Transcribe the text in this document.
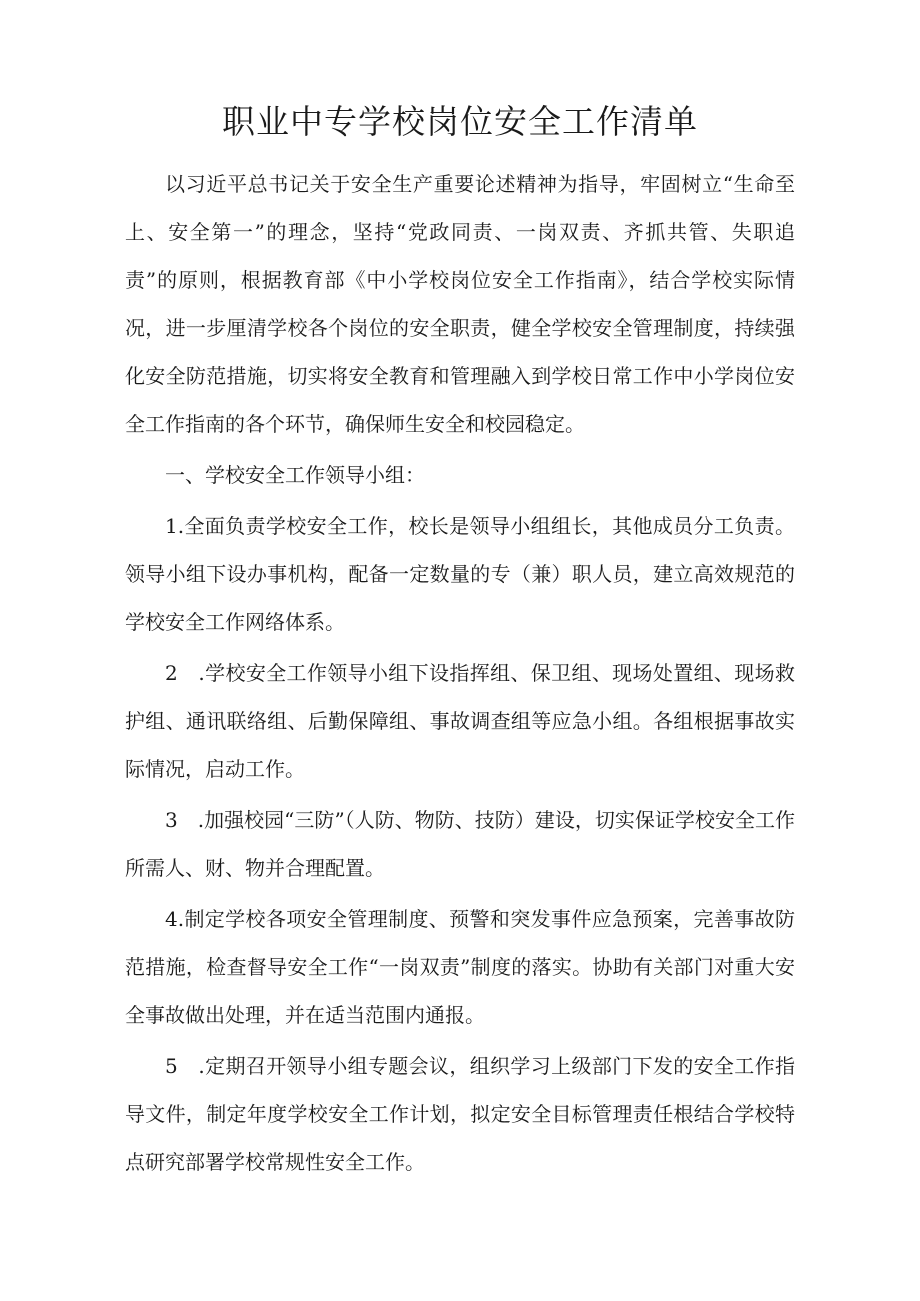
职业中专学校岗位安全工作清单

以习近平总书记关于安全生产重要论述精神为指导，牢固树立“生命至上、安全第一”的理念，坚持“党政同责、一岗双责、齐抓共管、失职追责”的原则，根据教育部《中小学校岗位安全工作指南》，结合学校实际情况，进一步厘清学校各个岗位的安全职责，健全学校安全管理制度，持续强化安全防范措施，切实将安全教育和管理融入到学校日常工作中小学岗位安全工作指南的各个环节，确保师生安全和校园稳定。

一、学校安全工作领导小组：

1.全面负责学校安全工作，校长是领导小组组长，其他成员分工负责。领导小组下设办事机构，配备一定数量的专（兼）职人员，建立高效规范的学校安全工作网络体系。

2　.学校安全工作领导小组下设指挥组、保卫组、现场处置组、现场救护组、通讯联络组、后勤保障组、事故调查组等应急小组。各组根据事故实际情况，启动工作。

3　.加强校园“三防”（人防、物防、技防）建设，切实保证学校安全工作所需人、财、物并合理配置。

4.制定学校各项安全管理制度、预警和突发事件应急预案，完善事故防范措施，检查督导安全工作“一岗双责”制度的落实。协助有关部门对重大安全事故做出处理，并在适当范围内通报。

5　.定期召开领导小组专题会议，组织学习上级部门下发的安全工作指导文件，制定年度学校安全工作计划，拟定安全目标管理责任根结合学校特点研究部署学校常规性安全工作。
